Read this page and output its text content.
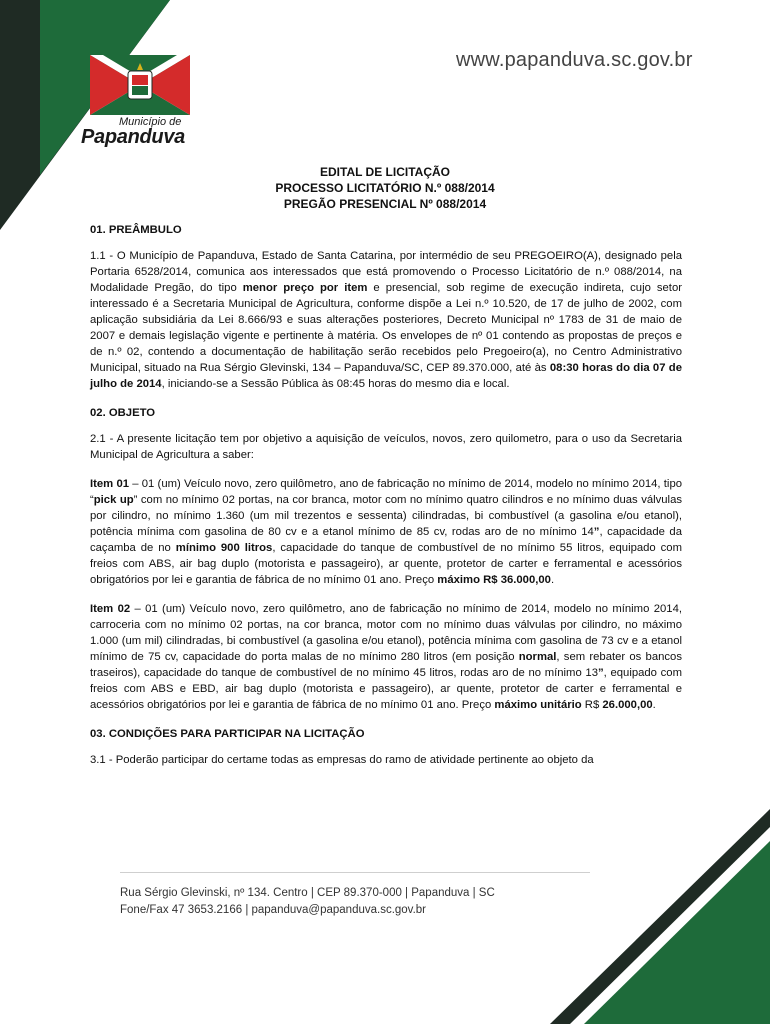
Município de
Papanduva
www.papanduva.sc.gov.br
EDITAL DE LICITAÇÃO
PROCESSO LICITATÓRIO N.º 088/2014
PREGÃO PRESENCIAL Nº 088/2014
01. PREÂMBULO

1.1 - O Município de Papanduva, Estado de Santa Catarina, por intermédio de seu PREGOEIRO(A), designado pela Portaria 6528/2014, comunica aos interessados que está promovendo o Processo Licitatório de n.º 088/2014, na Modalidade Pregão, do tipo menor preço por item e presencial, sob regime de execução indireta, cujo setor interessado é a Secretaria Municipal de Agricultura, conforme dispõe a Lei n.º 10.520, de 17 de julho de 2002, com aplicação subsidiária da Lei 8.666/93 e suas alterações posteriores, Decreto Municipal nº 1783 de 31 de maio de 2007 e demais legislação vigente e pertinente à matéria. Os envelopes de nº 01 contendo as propostas de preços e de n.º 02, contendo a documentação de habilitação serão recebidos pelo Pregoeiro(a), no Centro Administrativo Municipal, situado na Rua Sérgio Glevinski, 134 – Papanduva/SC, CEP 89.370.000, até às 08:30 horas do dia 07 de julho de 2014, iniciando-se a Sessão Pública às 08:45 horas do mesmo dia e local.

02. OBJETO

2.1 - A presente licitação tem por objetivo a aquisição de veículos, novos, zero quilometro, para o uso da Secretaria Municipal de Agricultura a saber:

Item 01 – 01 (um) Veículo novo, zero quilômetro, ano de fabricação no mínimo de 2014, modelo no mínimo 2014, tipo “pick up” com no mínimo 02 portas, na cor branca, motor com no mínimo quatro cilindros e no mínimo duas válvulas por cilindro, no mínimo 1.360 (um mil trezentos e sessenta) cilindradas, bi combustível (a gasolina e/ou etanol), potência mínima com gasolina de 80 cv e a etanol mínimo de 85 cv, rodas aro de no mínimo 14”, capacidade da caçamba de no mínimo 900 litros, capacidade do tanque de combustível de no mínimo 55 litros, equipado com freios com ABS, air bag duplo (motorista e passageiro), ar quente, protetor de carter e ferramental e acessórios obrigatórios por lei e garantia de fábrica de no mínimo 01 ano. Preço máximo R$ 36.000,00.

Item 02 – 01 (um) Veículo novo, zero quilômetro, ano de fabricação no mínimo de 2014, modelo no mínimo 2014, carroceria com no mínimo 02 portas, na cor branca, motor com no mínimo duas válvulas por cilindro, no máximo 1.000 (um mil) cilindradas, bi combustível (a gasolina e/ou etanol), potência mínima com gasolina de 73 cv e a etanol mínimo de 75 cv, capacidade do porta malas de no mínimo 280 litros (em posição normal, sem rebater os bancos traseiros), capacidade do tanque de combustível de no mínimo 45 litros, rodas aro de no mínimo 13”, equipado com freios com ABS e EBD, air bag duplo (motorista e passageiro), ar quente, protetor de carter e ferramental e acessórios obrigatórios por lei e garantia de fábrica de no mínimo 01 ano. Preço máximo unitário R$ 26.000,00.

03. CONDIÇÕES PARA PARTICIPAR NA LICITAÇÃO

3.1 - Poderão participar do certame todas as empresas do ramo de atividade pertinente ao objeto da

Rua Sérgio Glevinski, nº 134. Centro | CEP 89.370-000 | Papanduva | SC
Fone/Fax 47 3653.2166 | papanduva@papanduva.sc.gov.br
